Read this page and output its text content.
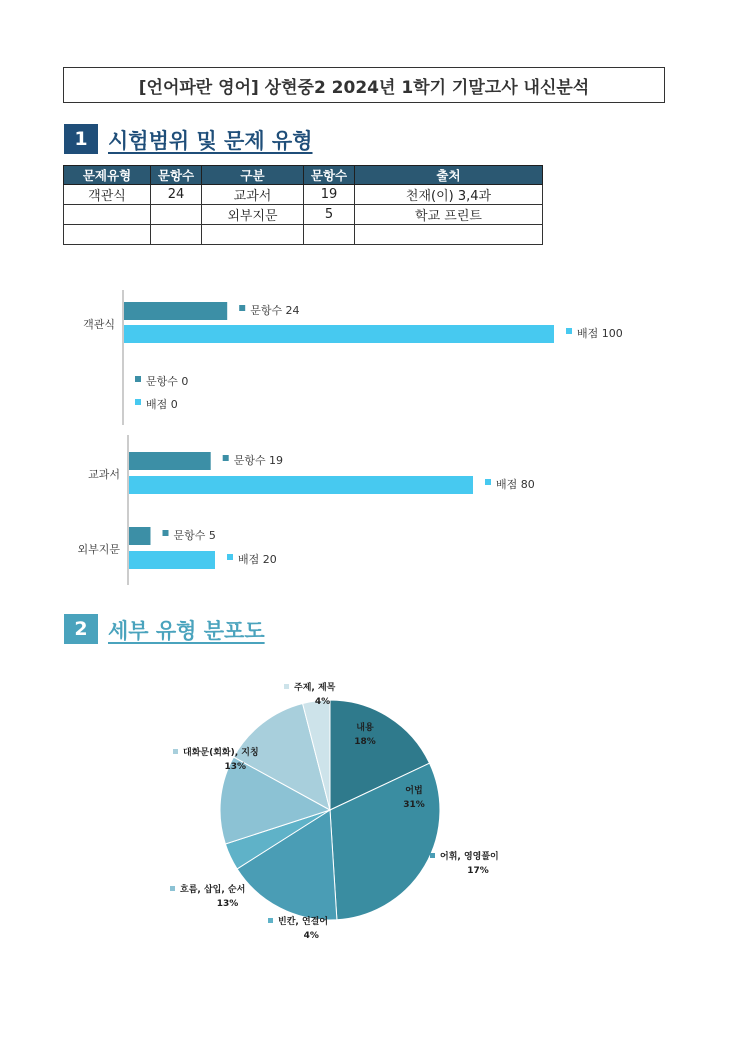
[언어파란 영어] 상현중2 2024년 1학기 기말고사 내신분석
1 시험범위 및 문제 유형
문제유형	문항수	구분	문항수	출처
객관식	24	교과서	19	천재(이) 3,4과
		외부지문	5	학교 프린트

객관식
문항수 24
배점 100
문항수 0
배점 0
교과서
문항수 19
배점 80
외부지문
문항수 5
배점 20
2 세부 유형 분포도
내용
18%
어법
31%
어휘, 영영풀이
17%
빈칸, 연결어
4%
흐름, 삽입, 순서
13%
대화문(회화), 지칭
13%
주제, 제목
4%
